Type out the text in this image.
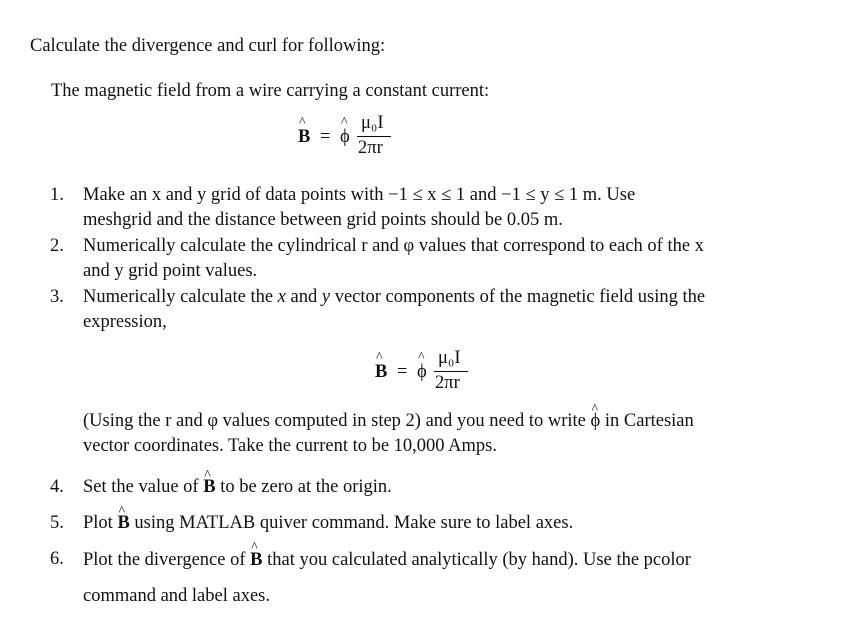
Calculate the divergence and curl for following:
The magnetic field from a wire carrying a constant current:
^ B = ^ ϕ
μ₀I
2πr
1.	Make an x and y grid of data points with −1 ≤ x ≤ 1 and −1 ≤ y ≤ 1 m. Use
meshgrid and the distance between grid points should be 0.05 m.
2.	Numerically calculate the cylindrical r and φ values that correspond to each of the x
and y grid point values.
3.	Numerically calculate the x and y vector components of the magnetic field using the
expression,
^ B = ^ ϕ
μ₀I
2πr
(Using the r and φ values computed in step 2) and you need to write ^ ϕ in Cartesian
vector coordinates. Take the current to be 10,000 Amps.
4.	Set the value of ^ B to be zero at the origin.
5.	Plot ^ B using MATLAB quiver command. Make sure to label axes.
6.	Plot the divergence of ^ B that you calculated analytically (by hand). Use the pcolor
command and label axes.
